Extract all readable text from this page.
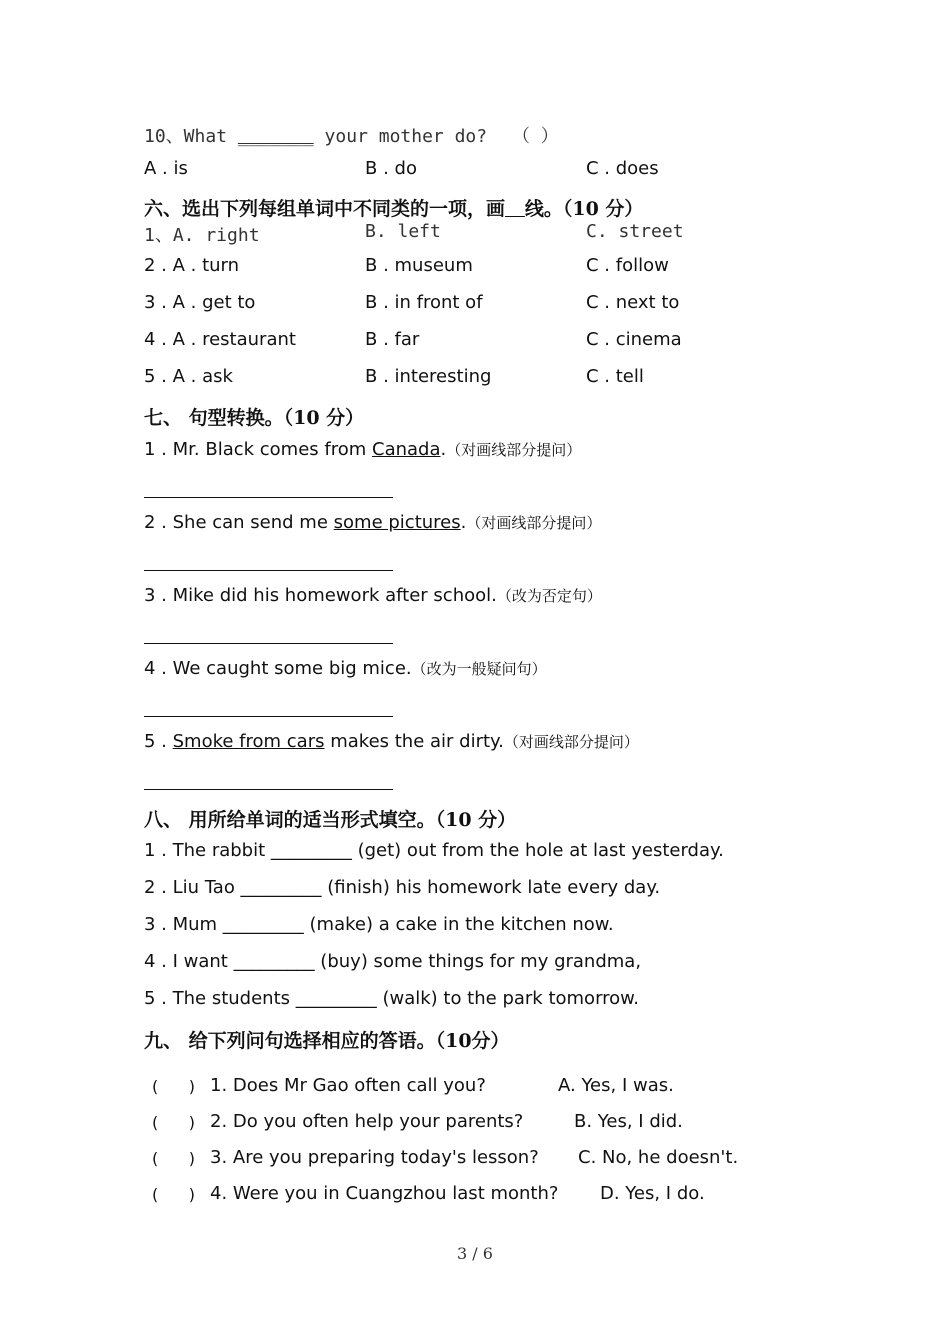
10、What _______ your mother do? （ ）
A . is	B . do	C . does
六、选出下列每组单词中不同类的一项，画 线。（10 分）
1、A. right	B. left	C. street
2 . A . turn	B . museum	C . follow
3 . A . get to	B . in front of	C . next to
4 . A . restaurant	B . far	C . cinema
5 . A . ask	B . interesting	C . tell
七、 句型转换。（10 分）
1 . Mr. Black comes from Canada.（对画线部分提问）
2 . She can send me some pictures.（对画线部分提问）
3 . Mike did his homework after school.（改为否定句）
4 . We caught some big mice.（改为一般疑问句）
5 . Smoke from cars makes the air dirty.（对画线部分提问）
八、 用所给单词的适当形式填空。（10 分）
1 . The rabbit _________ (get) out from the hole at last yesterday.
2 . Liu Tao _________ (finish) his homework late every day.
3 . Mum _________ (make) a cake in the kitchen now.
4 . I want _________ (buy) some things for my grandma,
5 . The students _________ (walk) to the park tomorrow.
九、 给下列问句选择相应的答语。（10分）
(      ) 1. Does Mr Gao often call you?	A. Yes, I was.
(      ) 2. Do you often help your parents?	B. Yes, I did.
(      ) 3. Are you preparing today's lesson? C. No, he doesn't.
(      ) 4. Were you in Cuangzhou last month? D. Yes, I do.
3 / 6
